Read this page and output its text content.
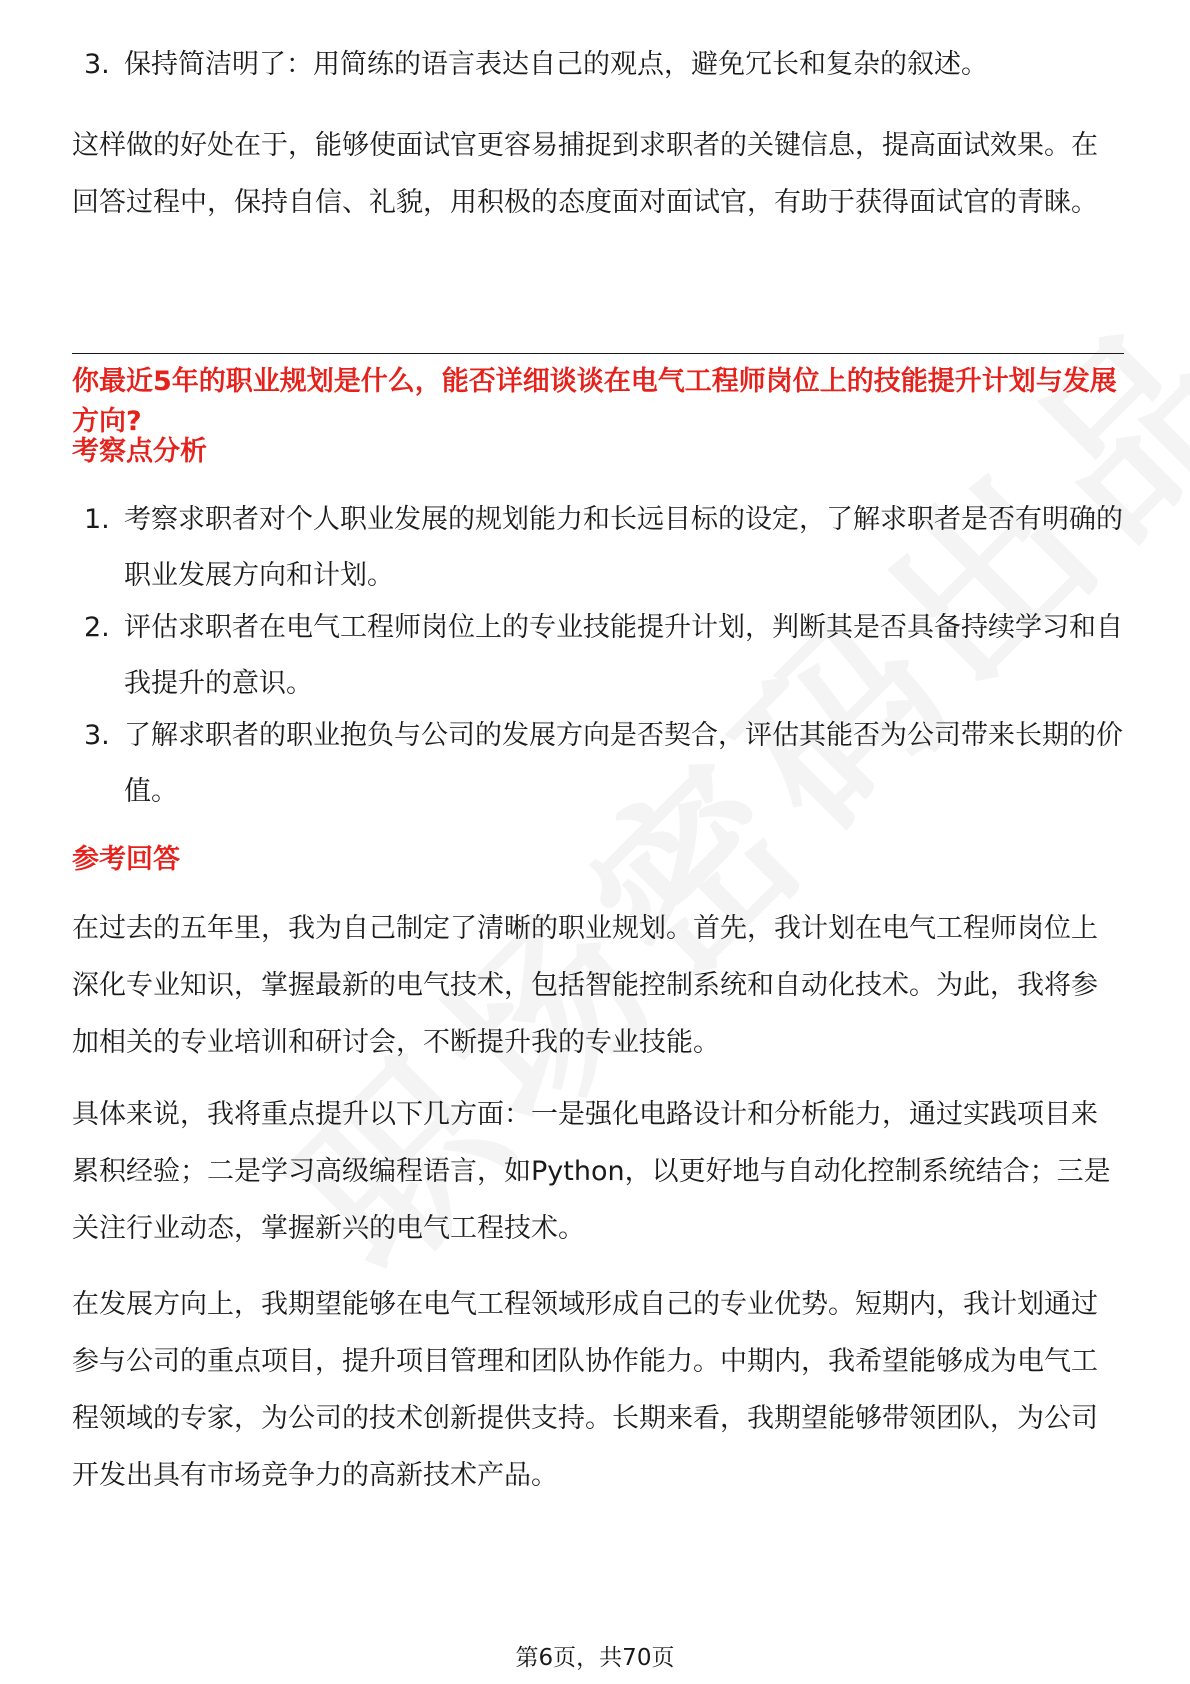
3. 保持简洁明了：用简练的语言表达自己的观点，避免冗长和复杂的叙述。
这样做的好处在于，能够使面试官更容易捕捉到求职者的关键信息，提高面试效果。在回答过程中，保持自信、礼貌，用积极的态度面对面试官，有助于获得面试官的青睐。
你最近5年的职业规划是什么，能否详细谈谈在电气工程师岗位上的技能提升计划与发展方向?
考察点分析
1. 考察求职者对个人职业发展的规划能力和长远目标的设定，了解求职者是否有明确的职业发展方向和计划。
2. 评估求职者在电气工程师岗位上的专业技能提升计划，判断其是否具备持续学习和自我提升的意识。
3. 了解求职者的职业抱负与公司的发展方向是否契合，评估其能否为公司带来长期的价值。
参考回答
在过去的五年里，我为自己制定了清晰的职业规划。首先，我计划在电气工程师岗位上深化专业知识，掌握最新的电气技术，包括智能控制系统和自动化技术。为此，我将参加相关的专业培训和研讨会，不断提升我的专业技能。
具体来说，我将重点提升以下几方面：一是强化电路设计和分析能力，通过实践项目来累积经验；二是学习高级编程语言，如Python，以更好地与自动化控制系统结合；三是关注行业动态，掌握新兴的电气工程技术。
在发展方向上，我期望能够在电气工程领域形成自己的专业优势。短期内，我计划通过参与公司的重点项目，提升项目管理和团队协作能力。中期内，我希望能够成为电气工程领域的专家，为公司的技术创新提供支持。长期来看，我期望能够带领团队，为公司开发出具有市场竞争力的高新技术产品。
第6页，共70页
